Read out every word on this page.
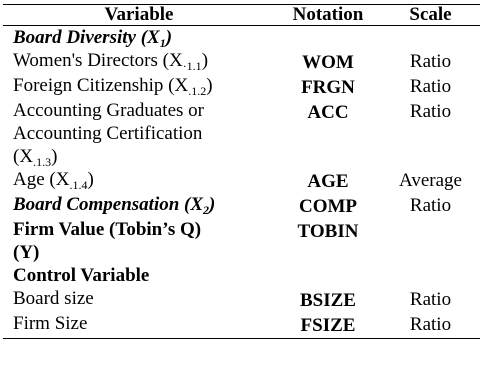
Variable	Notation	Scale
Board Diversity $(X_1)$		
Women's Directors $(X_{\cdot 1.1})$	WOM	Ratio
Foreign Citizenship $(X_{.1.2})$	FRGN	Ratio

Accounting Graduates or
Accounting Certification
$(X_{.1.3})$	ACC	Ratio
Age $(X_{.1.4})$	AGE	Average
Board Compensation $(X_2)$	COMP	Ratio

Firm Value (Tobin’s Q)
(Y)	TOBIN	
Control Variable		
Board size	BSIZE	Ratio
Firm Size	FSIZE	Ratio
